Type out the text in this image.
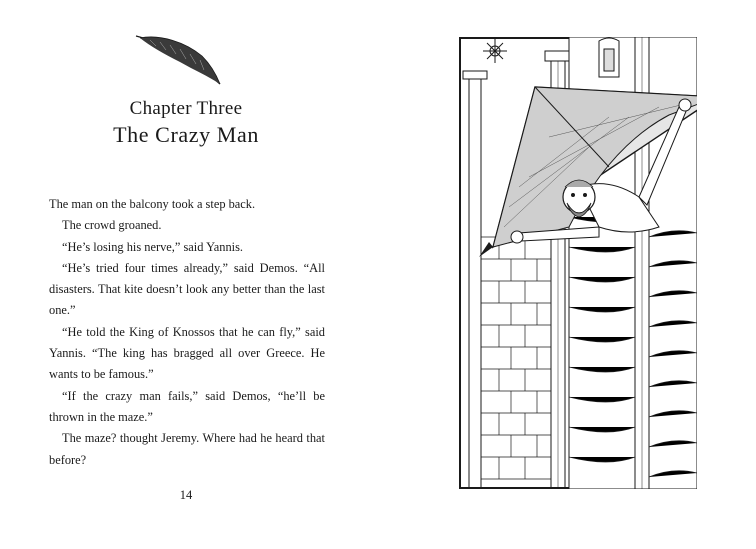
Chapter Three
The Crazy Man

The man on the balcony took a step back.

The crowd groaned.

“He’s losing his nerve,” said Yannis.

“He’s tried four times already,” said Demos. “All disasters. That kite doesn’t look any better than the last one.”

“He told the King of Knossos that he can fly,” said Yannis. “The king has bragged all over Greece. He wants to be famous.”

“If the crazy man fails,” said Demos, “he’ll be thrown in the maze.”

The maze? thought Jeremy. Where had he heard that before?

14
